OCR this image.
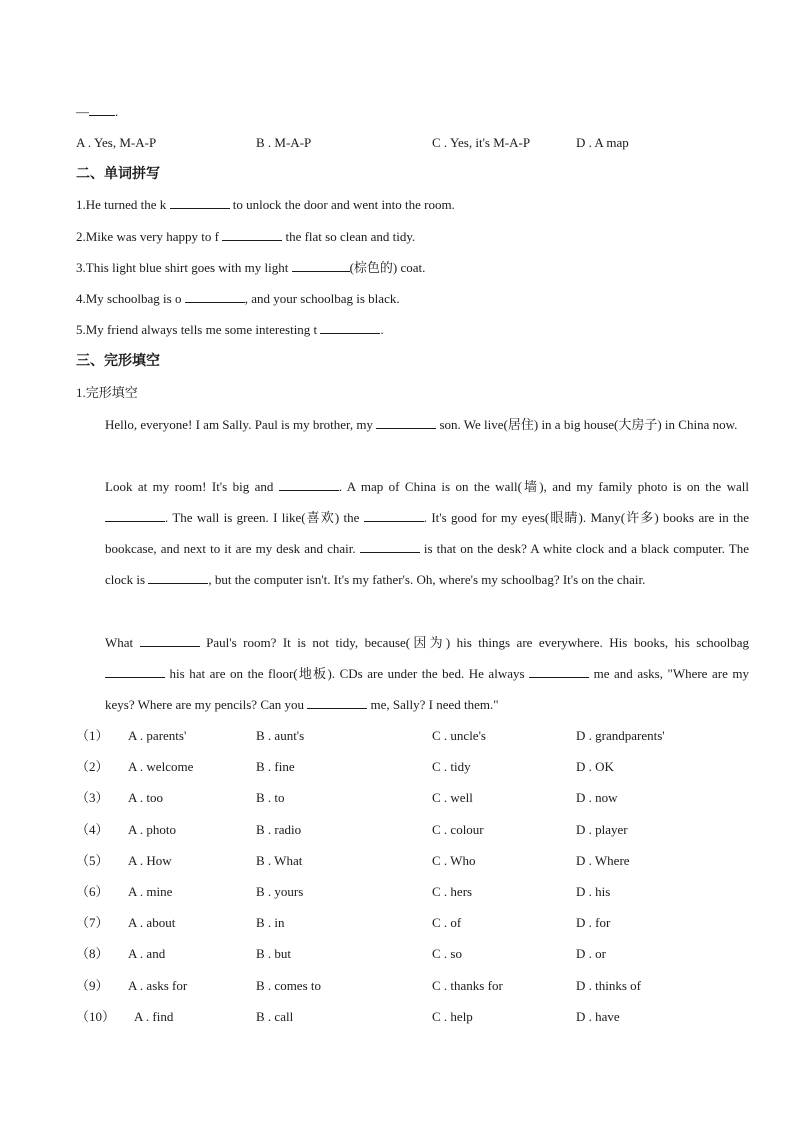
— .
A . Yes, M-A-P	B . M-A-P	C . Yes, it's M-A-P	D . A map
二、单词拼写
1.He turned the k	to unlock the door and went into the room.
2.Mike was very happy to f	the flat so clean and tidy.
3.This light blue shirt goes with my light	(棕色的) coat.
4.My schoolbag is o	, and your schoolbag is black.
5.My friend always tells me some interesting t	.
三、完形填空
1.完形填空
Hello, everyone! I am Sally. Paul is my brother, my	son. We live(居住) in a big house(大房子) in China now.
Look at my room! It's big and	. A map of China is on the wall(墙), and my family photo is on the wall . The wall is green. I like(喜欢) the	. It's good for my eyes(眼睛). Many(许多) books are in the bookcase, and next to it are my desk and chair.	is that on the desk? A white clock and a black computer. The clock is	, but the computer isn't. It's my father's. Oh, where's my schoolbag? It's on the chair.
What	Paul's room? It is not tidy, because(因为) his things are everywhere. His books, his schoolbag  his hat are on the floor(地板). CDs are under the bed. He always	me and asks, "Where are my keys? Where are my pencils? Can you	me, Sally? I need them."
（1） A . parents'	B . aunt's	C . uncle's	D . grandparents'
（2） A . welcome	B . fine	C . tidy	D . OK
（3） A . too	B . to	C . well	D . now
（4） A . photo	B . radio	C . colour	D . player
（5） A . How	B . What	C . Who	D . Where
（6） A . mine	B . yours	C . hers	D . his
（7） A . about	B . in	C . of	D . for
（8） A . and	B . but	C . so	D . or
（9） A . asks for	B . comes to	C . thanks for	D . thinks of
（10） A . find	B . call	C . help	D . have
